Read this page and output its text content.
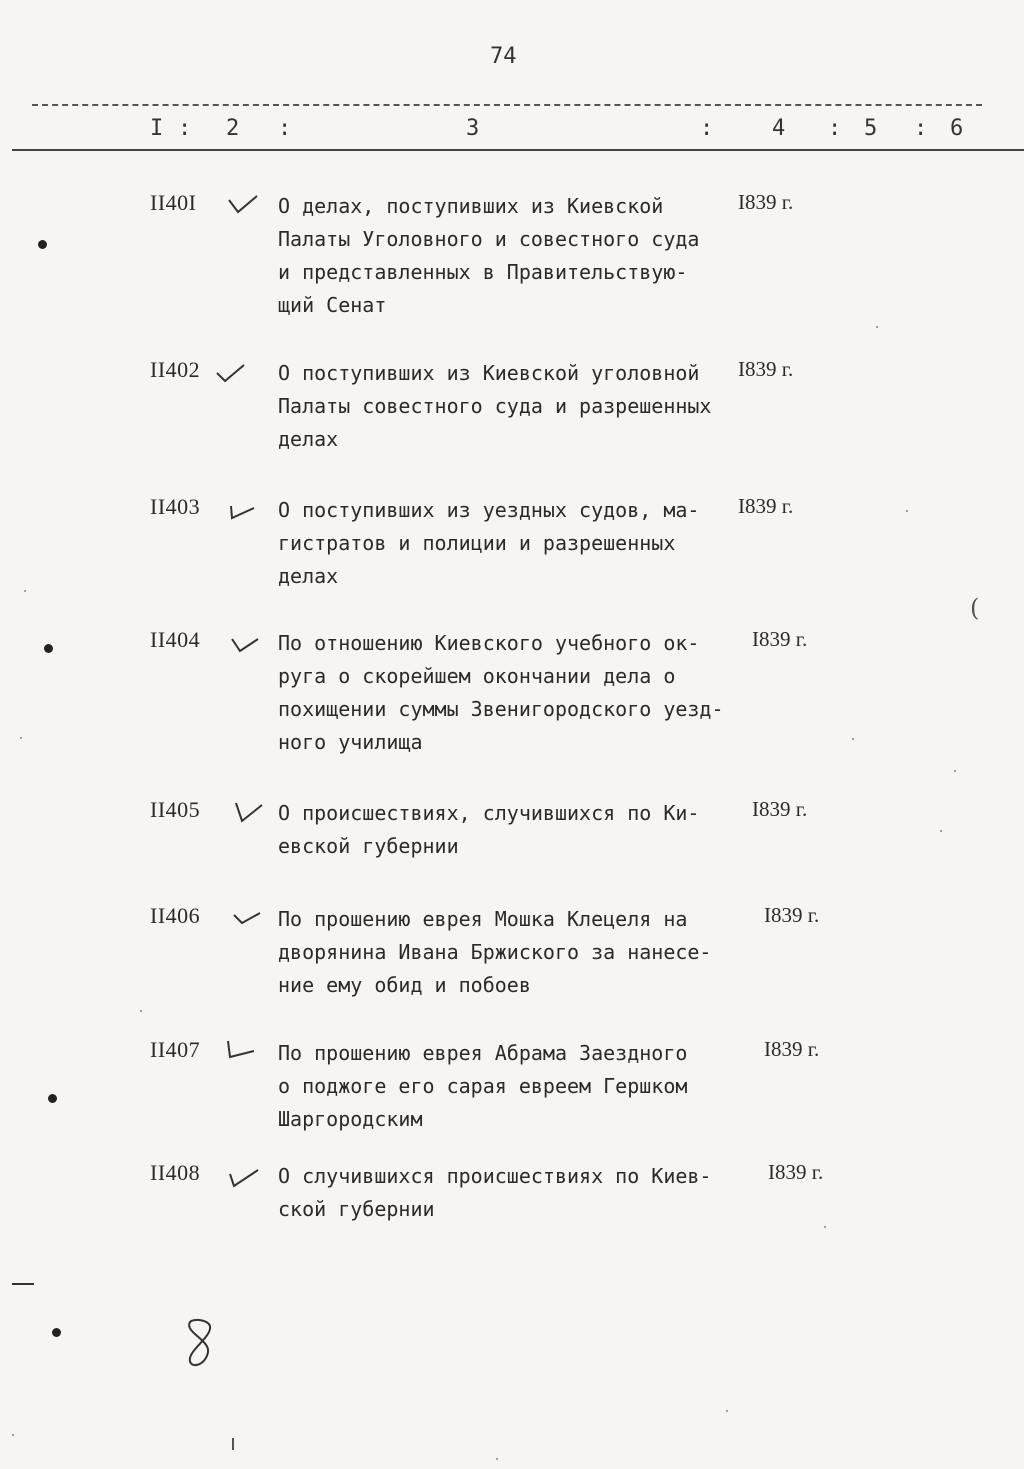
74
I : 2 :	3	:	4 : 5 : 6
II40I	О делах, поступивших из Киевской
Палаты Уголовного и совестного суда
и представленных в Правительствую-
щий Сенат
I839 г.
II402	О поступивших из Киевской уголовной
Палаты совестного суда и разрешенных
делах
I839 г.
II403	О поступивших из уездных судов, ма-
гистратов и полиции и разрешенных
делах
I839 г.
II404	По отношению Киевского учебного ок-
руга о скорейшем окончании дела о
похищении суммы Звенигородского уезд-
ного училища
I839 г.
II405	О происшествиях, случившихся по Ки-
евской губернии
I839 г.
II406	По прошению еврея Мошка Клецеля на
дворянина Ивана Бржиского за нанесе-
ние ему обид и побоев
I839 г.
II407	По прошению еврея Абрама Заездного
о поджоге его сарая евреем Гершком
Шаргородским
I839 г.
II408	О случившихся происшествиях по Киев-
ской губернии
I839 г.
(
